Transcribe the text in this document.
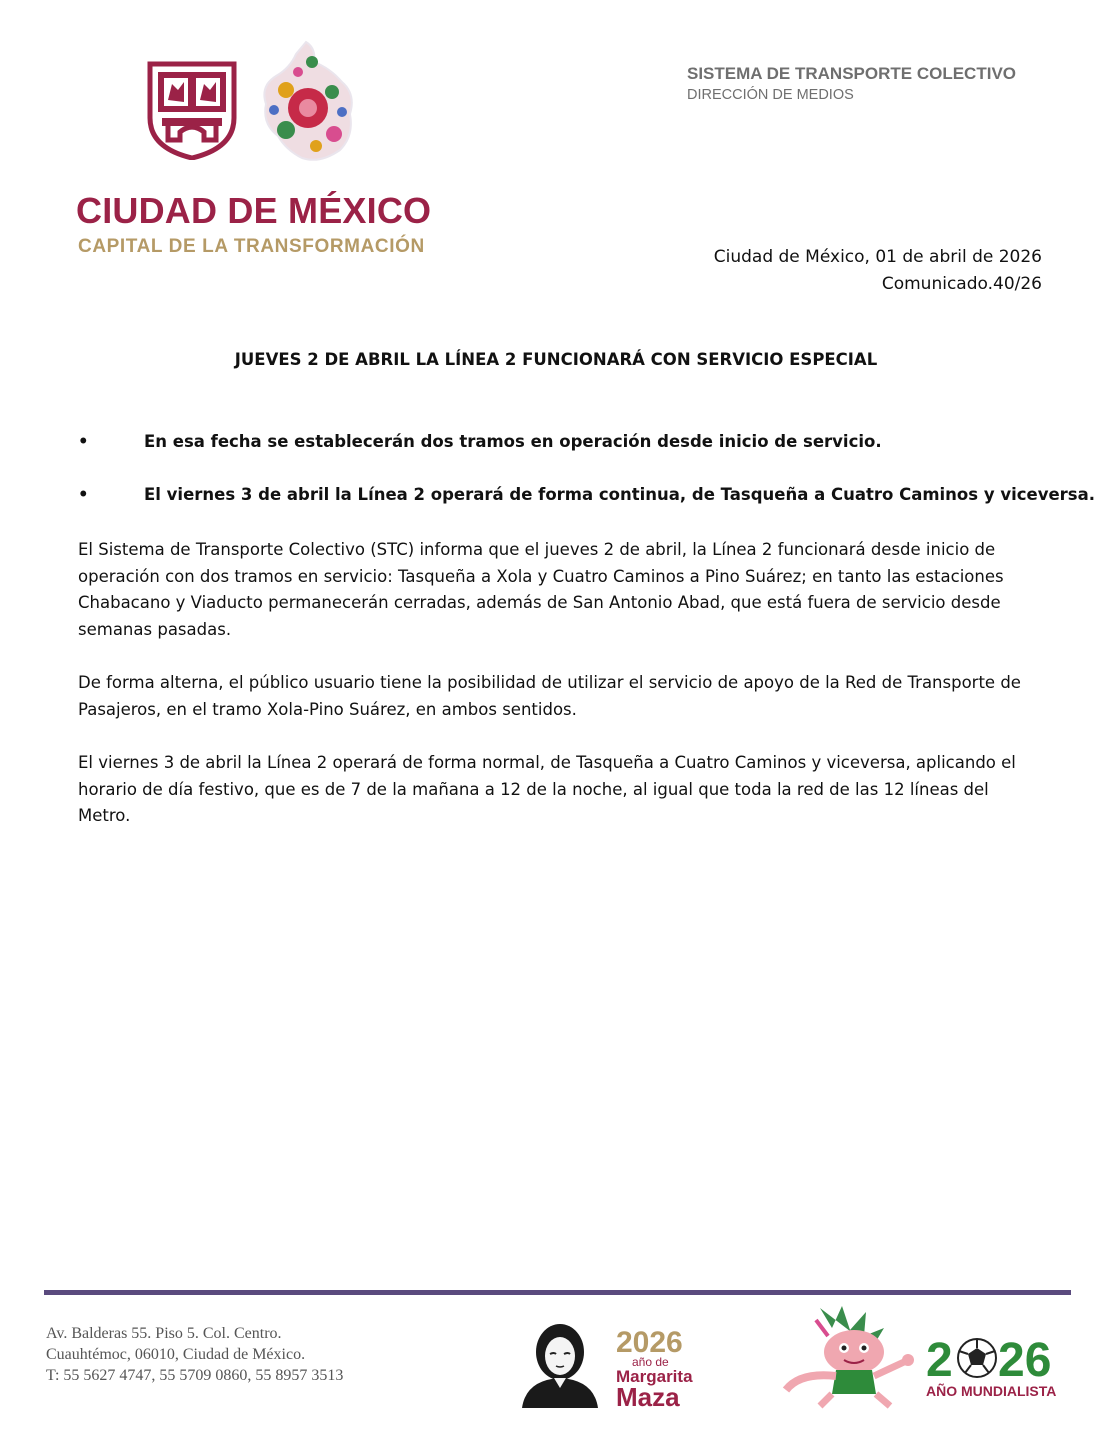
CIUDAD DE MÉXICO
CAPITAL DE LA TRANSFORMACIÓN
SISTEMA DE TRANSPORTE COLECTIVO
DIRECCIÓN DE MEDIOS
Ciudad de México, 01 de abril de 2026
Comunicado.40/26
JUEVES 2 DE ABRIL LA LÍNEA 2 FUNCIONARÁ CON SERVICIO ESPECIAL
•	En esa fecha se establecerán dos tramos en operación desde inicio de servicio.
•	El viernes 3 de abril la Línea 2 operará de forma continua, de Tasqueña a Cuatro Caminos y viceversa.
El Sistema de Transporte Colectivo (STC) informa que el jueves 2 de abril, la Línea 2 funcionará desde inicio de operación con dos tramos en servicio: Tasqueña a Xola y Cuatro Caminos a Pino Suárez; en tanto las estaciones Chabacano y Viaducto permanecerán cerradas, además de San Antonio Abad, que está fuera de servicio desde semanas pasadas.
De forma alterna, el público usuario tiene la posibilidad de utilizar el servicio de apoyo de la Red de Transporte de Pasajeros, en el tramo Xola-Pino Suárez, en ambos sentidos.
El viernes 3 de abril la Línea 2 operará de forma normal, de Tasqueña a Cuatro Caminos y viceversa, aplicando el horario de día festivo, que es de 7 de la mañana a 12 de la noche, al igual que toda la red de las 12 líneas del Metro.
Av. Balderas 55. Piso 5. Col. Centro.
Cuauhtémoc, 06010, Ciudad de México.
T: 55 5627 4747, 55 5709 0860, 55 8957 3513
2026
año de
Margarita
Maza
2 26
AÑO MUNDIALISTA
